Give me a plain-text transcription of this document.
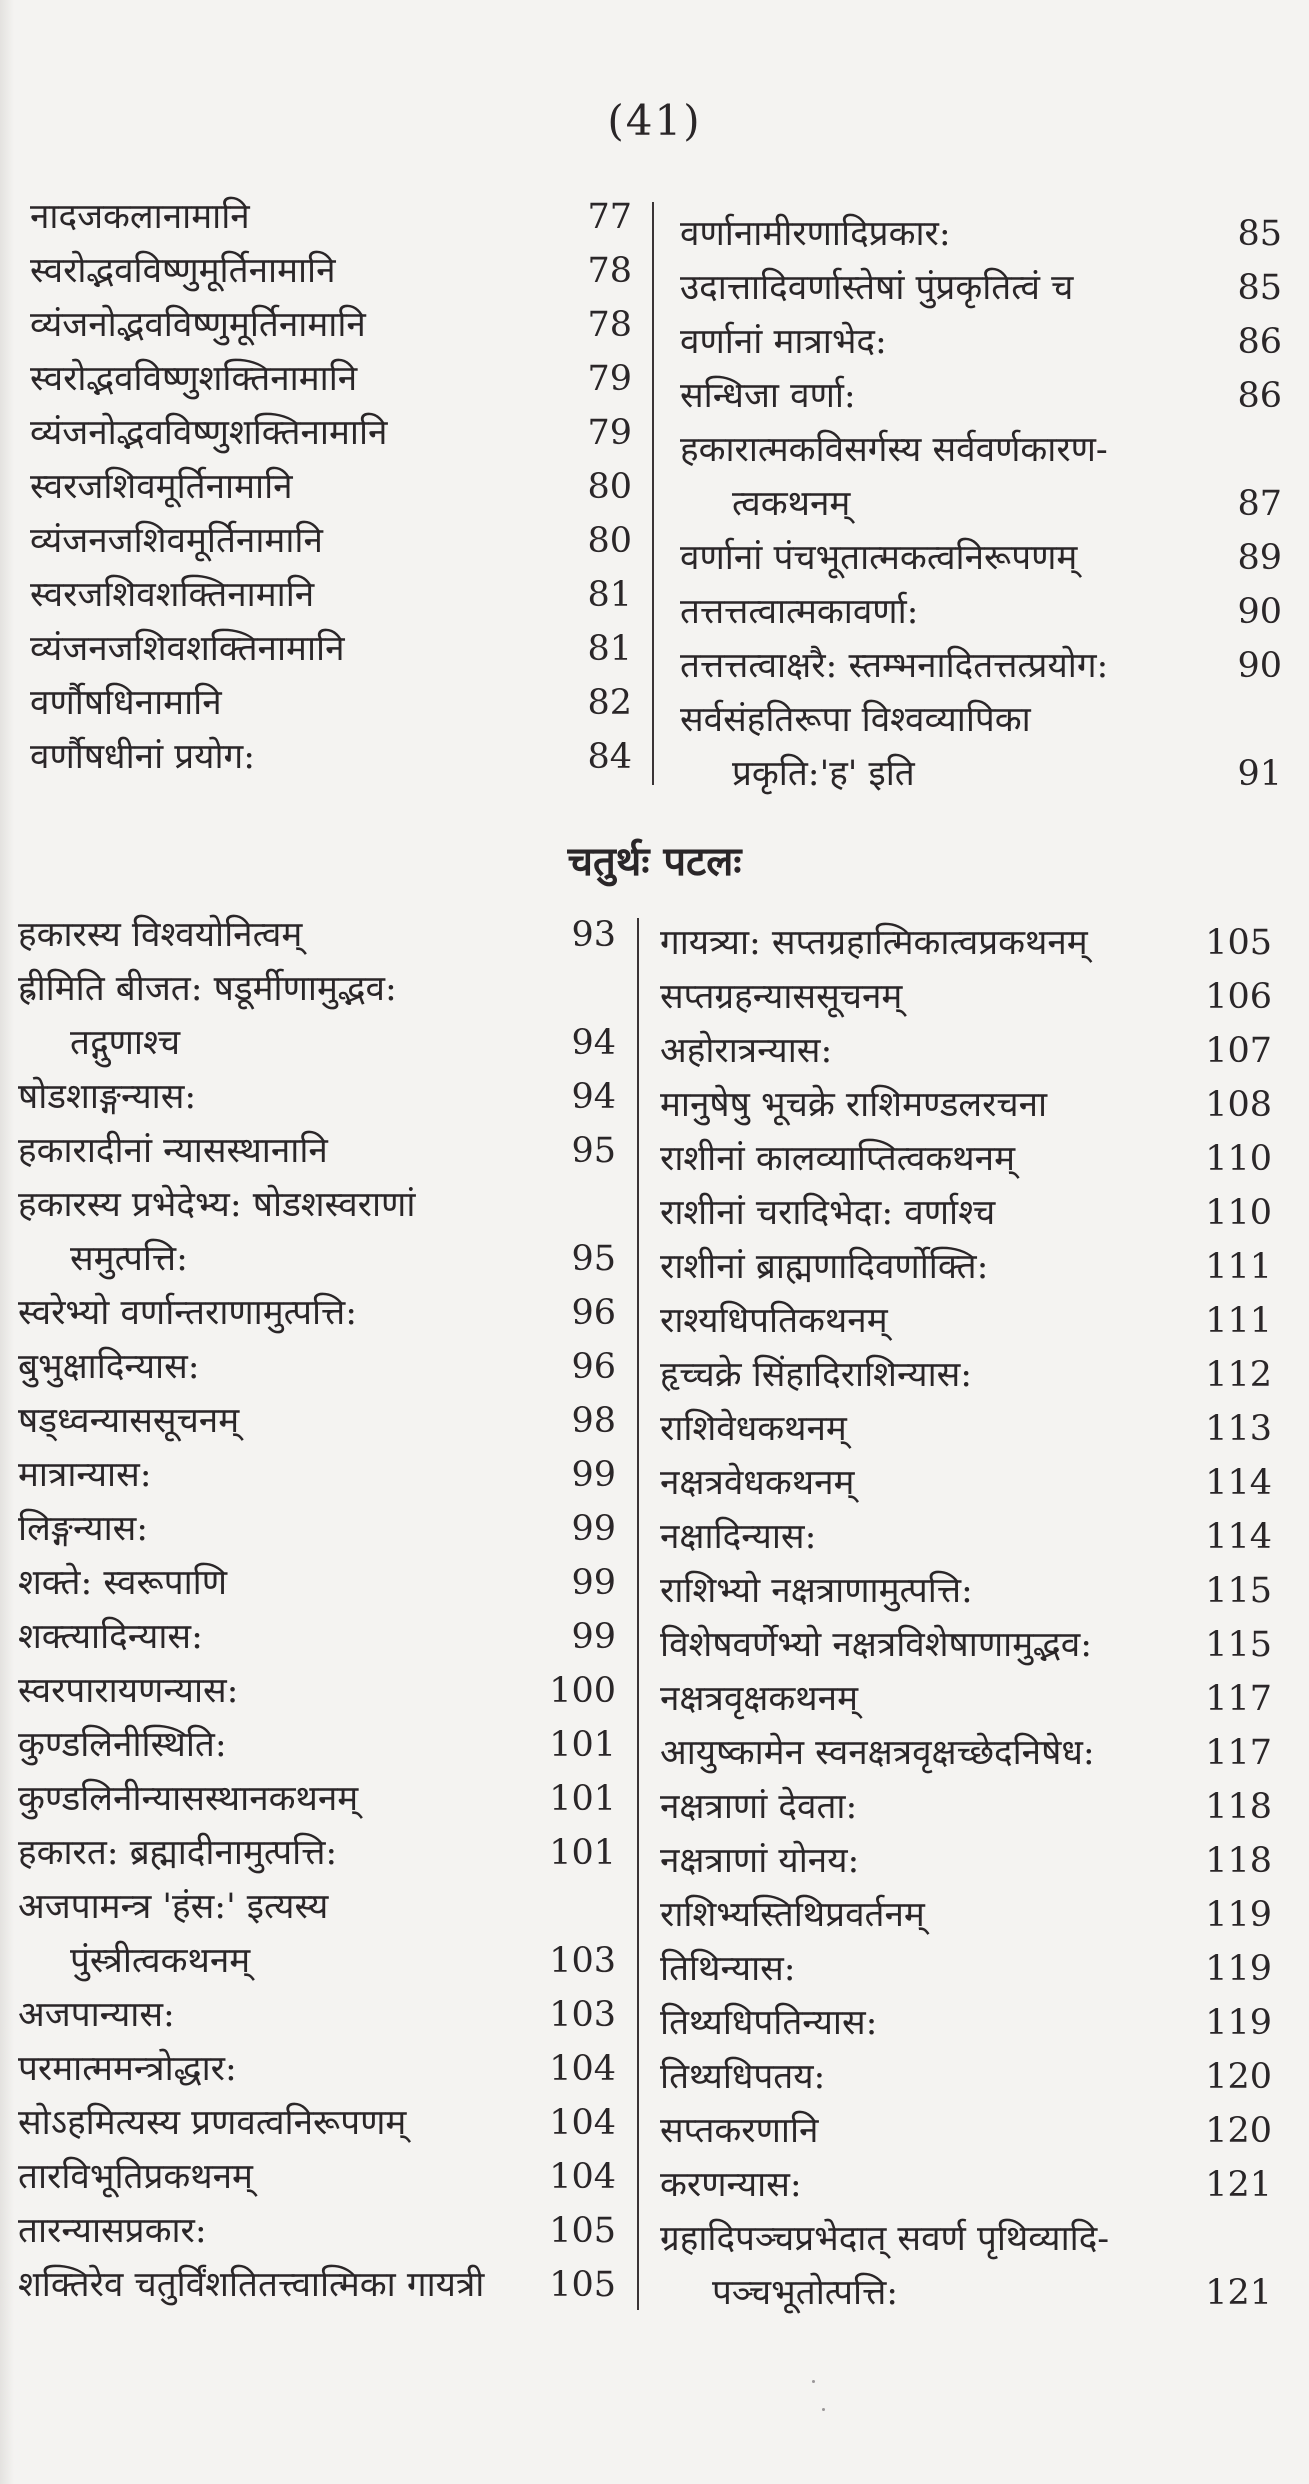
(41)
नादजकलानामानि	77
स्वरोद्भवविष्णुमूर्तिनामानि	78
व्यंजनोद्भवविष्णुमूर्तिनामानि	78
स्वरोद्भवविष्णुशक्तिनामानि	79
व्यंजनोद्भवविष्णुशक्तिनामानि	79
स्वरजशिवमूर्तिनामानि	80
व्यंजनजशिवमूर्तिनामानि	80
स्वरजशिवशक्तिनामानि	81
व्यंजनजशिवशक्तिनामानि	81
वर्णौषधिनामानि	82
वर्णौषधीनां प्रयोग:	84
वर्णानामीरणादिप्रकार:	85
उदात्तादिवर्णास्तेषां पुंप्रकृतित्वं च	85
वर्णानां मात्राभेद:	86
सन्धिजा वर्णा:	86
हकारात्मकविसर्गस्य सर्ववर्णकारण-
त्वकथनम्	87
वर्णानां पंचभूतात्मकत्वनिरूपणम्	89
तत्तत्तत्वात्मकावर्णा:	90
तत्तत्तत्वाक्षरै: स्तम्भनादितत्तत्प्रयोग:	90
सर्वसंहतिरूपा विश्वव्यापिका
प्रकृति:'ह' इति	91
चतुर्थः पटलः
हकारस्य विश्वयोनित्वम्	93
ह्रीमिति बीजत: षडूर्मीणामुद्भव:
तद्गुणाश्च	94
षोडशाङ्गन्यास:	94
हकारादीनां न्यासस्थानानि	95
हकारस्य प्रभेदेभ्य: षोडशस्वराणां
समुत्पत्ति:	95
स्वरेभ्यो वर्णान्तराणामुत्पत्ति:	96
बुभुक्षादिन्यास:	96
षड्ध्वन्याससूचनम्	98
मात्रान्यास:	99
लिङ्गन्यास:	99
शक्ते: स्वरूपाणि	99
शक्त्यादिन्यास:	99
स्वरपारायणन्यास:	100
कुण्डलिनीस्थिति:	101
कुण्डलिनीन्यासस्थानकथनम्	101
हकारत: ब्रह्मादीनामुत्पत्ति:	101
अजपामन्त्र 'हंस:' इत्यस्य
पुंस्त्रीत्वकथनम्	103
अजपान्यास:	103
परमात्ममन्त्रोद्धार:	104
सोऽहमित्यस्य प्रणवत्वनिरूपणम्	104
तारविभूतिप्रकथनम्	104
तारन्यासप्रकार:	105
शक्तिरेव चतुर्विंशतितत्त्वात्मिका गायत्री 105
गायत्र्या: सप्तग्रहात्मिकात्वप्रकथनम्	105
सप्तग्रहन्याससूचनम्	106
अहोरात्रन्यास:	107
मानुषेषु भूचक्रे राशिमण्डलरचना	108
राशीनां कालव्याप्तित्वकथनम्	110
राशीनां चरादिभेदा: वर्णाश्च	110
राशीनां ब्राह्मणादिवर्णोक्ति:	111
राश्यधिपतिकथनम्	111
हृच्चक्रे सिंहादिराशिन्यास:	112
राशिवेधकथनम्	113
नक्षत्रवेधकथनम्	114
नक्षादिन्यास:	114
राशिभ्यो नक्षत्राणामुत्पत्ति:	115
विशेषवर्णेभ्यो नक्षत्रविशेषाणामुद्भव:	115
नक्षत्रवृक्षकथनम्	117
आयुष्कामेन स्वनक्षत्रवृक्षच्छेदनिषेध:	117
नक्षत्राणां देवता:	118
नक्षत्राणां योनय:	118
राशिभ्यस्तिथिप्रवर्तनम्	119
तिथिन्यास:	119
तिथ्यधिपतिन्यास:	119
तिथ्यधिपतय:	120
सप्तकरणानि	120
करणन्यास:	121
ग्रहादिपञ्चप्रभेदात् सवर्ण पृथिव्यादि-
पञ्चभूतोत्पत्ति:	121
